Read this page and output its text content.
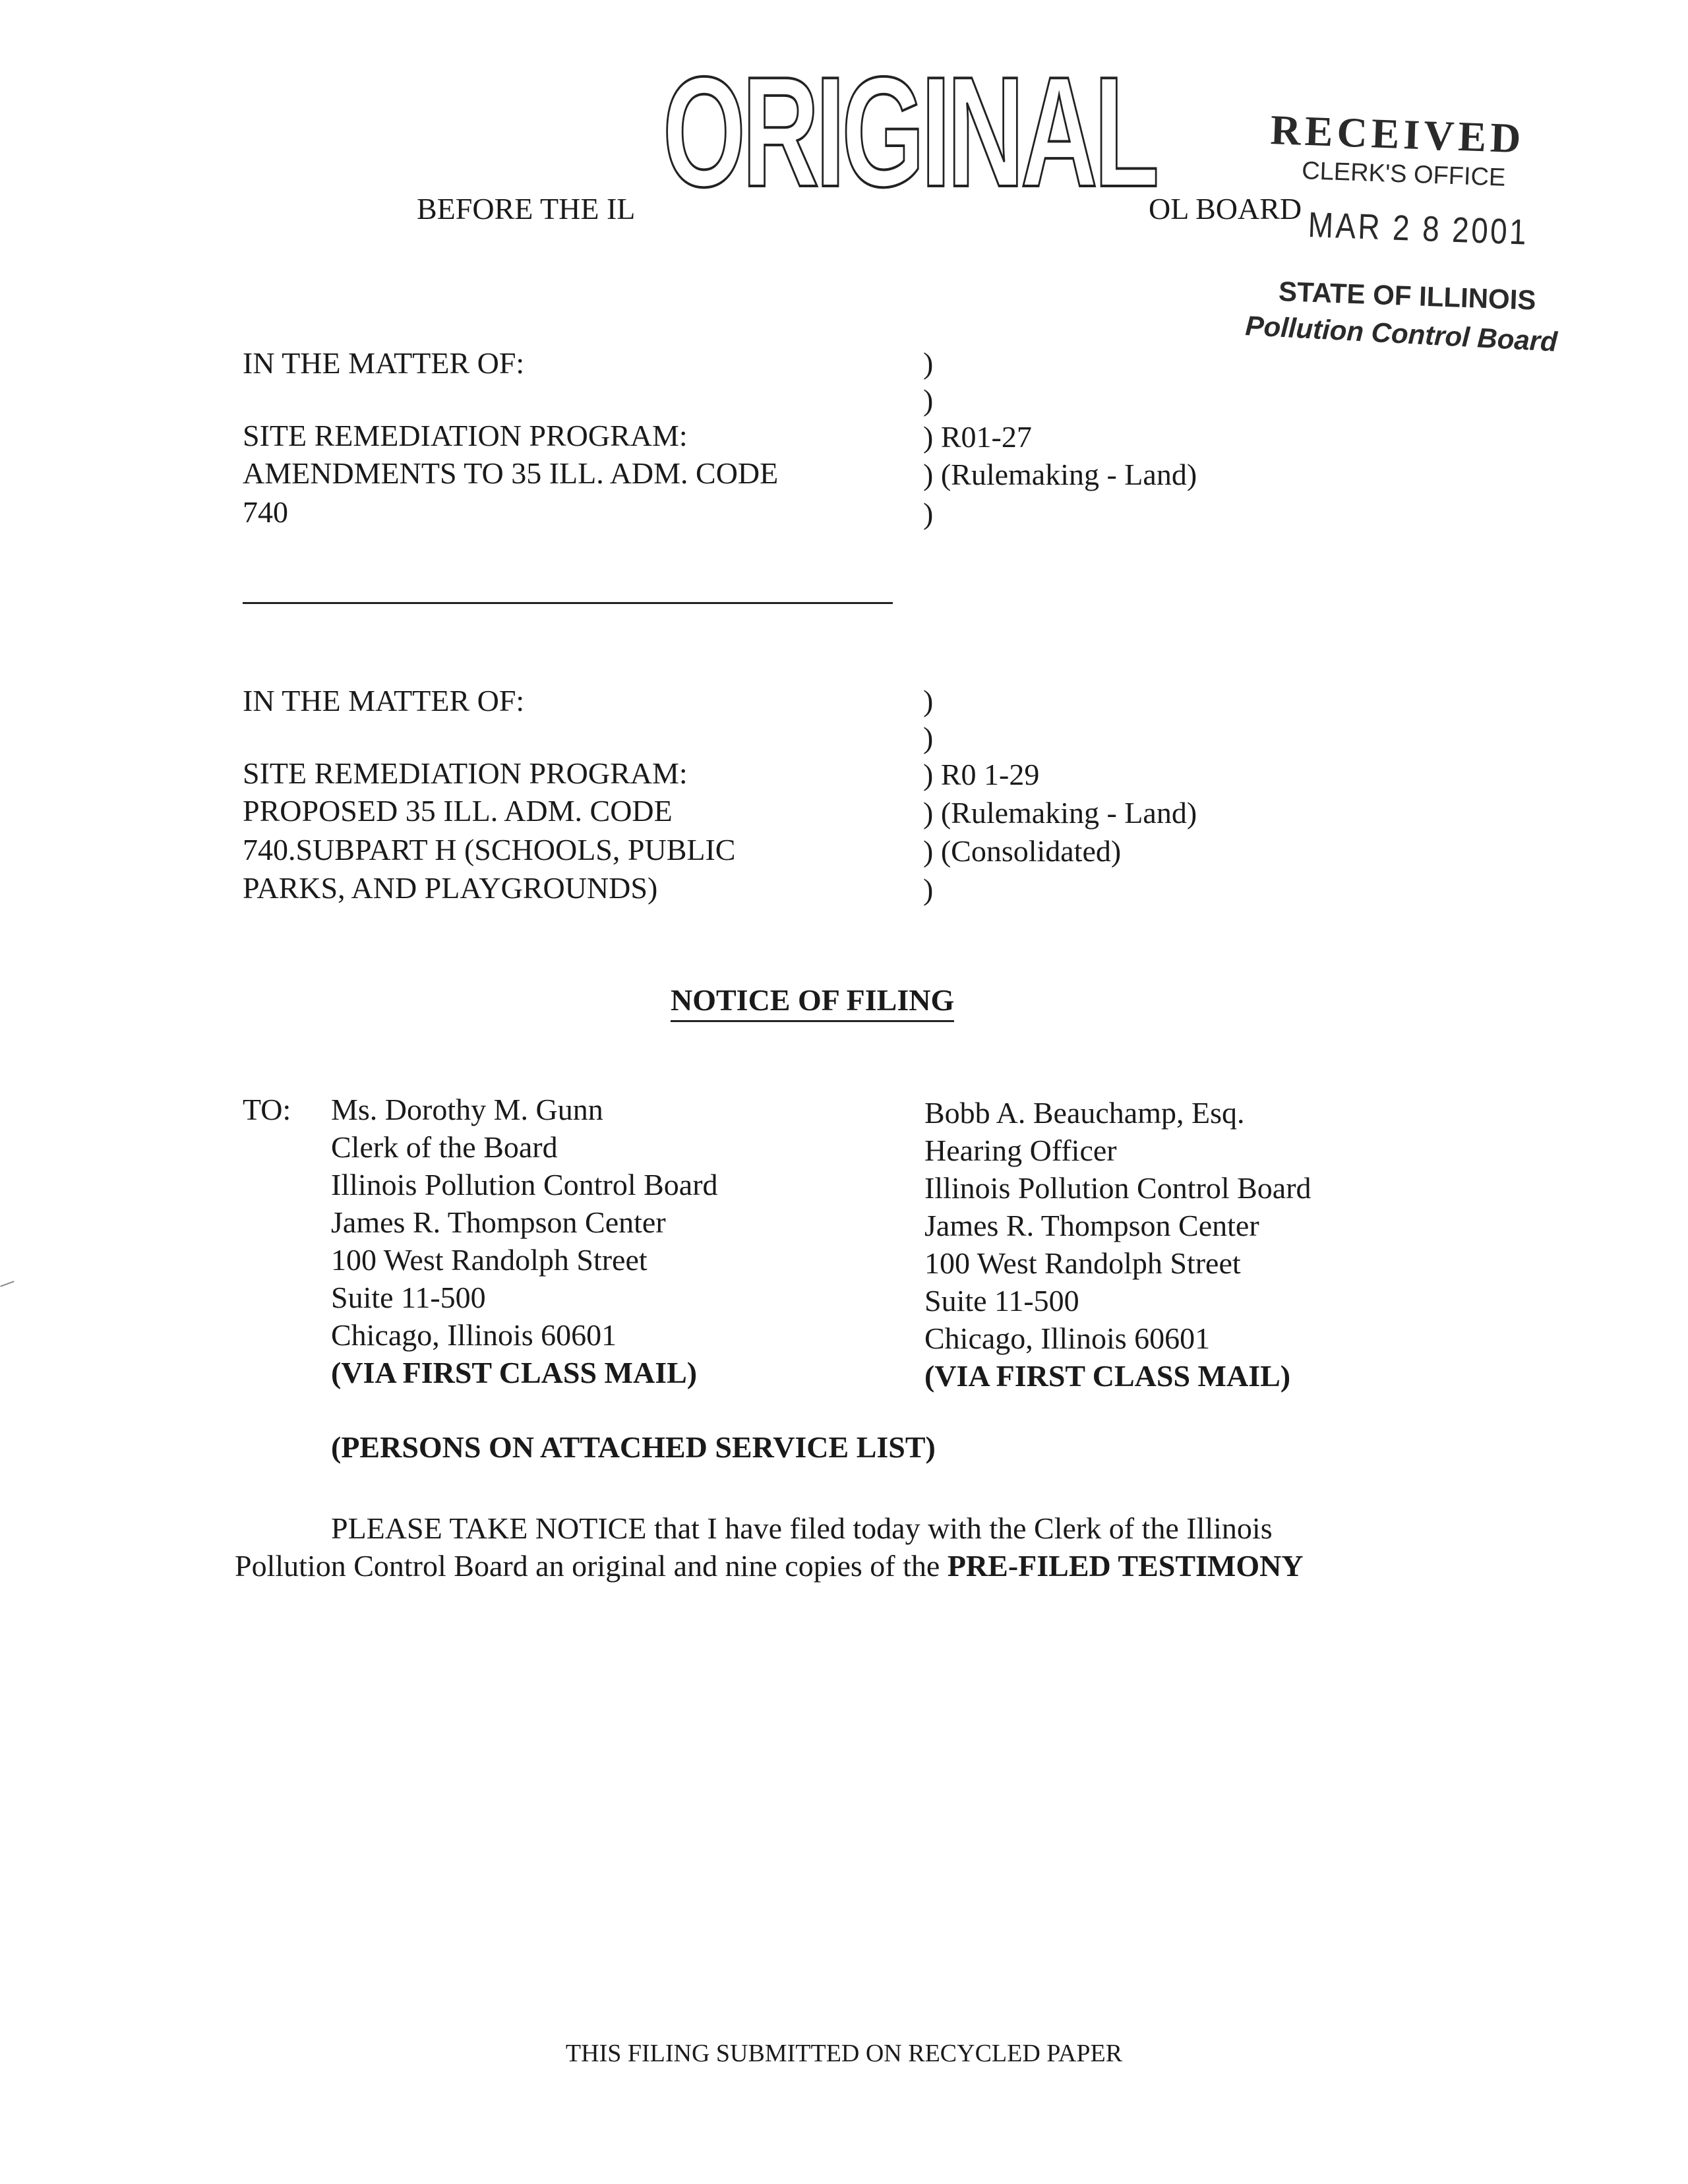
BEFORE THE IL	OL BOARD
ORIGINAL	RECEIVED
CLERK'S OFFICE
MAR 2 8 2001
STATE OF ILLINOIS
Pollution Control Board
IN THE MATTER OF:
SITE REMEDIATION PROGRAM:
AMENDMENTS TO 35 ILL. ADM. CODE
740
)
)
) R01-27
) (Rulemaking - Land)
)
IN THE MATTER OF:
SITE REMEDIATION PROGRAM:
PROPOSED 35 ILL. ADM. CODE
740.SUBPART H (SCHOOLS, PUBLIC
PARKS, AND PLAYGROUNDS)
)
)
) R0 1-29
) (Rulemaking - Land)
) (Consolidated)
)
NOTICE OF FILING
TO: Ms. Dorothy M. Gunn
Clerk of the Board
Illinois Pollution Control Board
James R. Thompson Center
100 West Randolph Street
Suite 11-500
Chicago, Illinois 60601
(VIA FIRST CLASS MAIL)
Bobb A. Beauchamp, Esq.
Hearing Officer
Illinois Pollution Control Board
James R. Thompson Center
100 West Randolph Street
Suite 11-500
Chicago, Illinois 60601
(VIA FIRST CLASS MAIL)
(PERSONS ON ATTACHED SERVICE LIST)
PLEASE TAKE NOTICE that I have filed today with the Clerk of the Illinois
Pollution Control Board an original and nine copies of the PRE-FILED TESTIMONY
THIS FILING SUBMITTED ON RECYCLED PAPER
